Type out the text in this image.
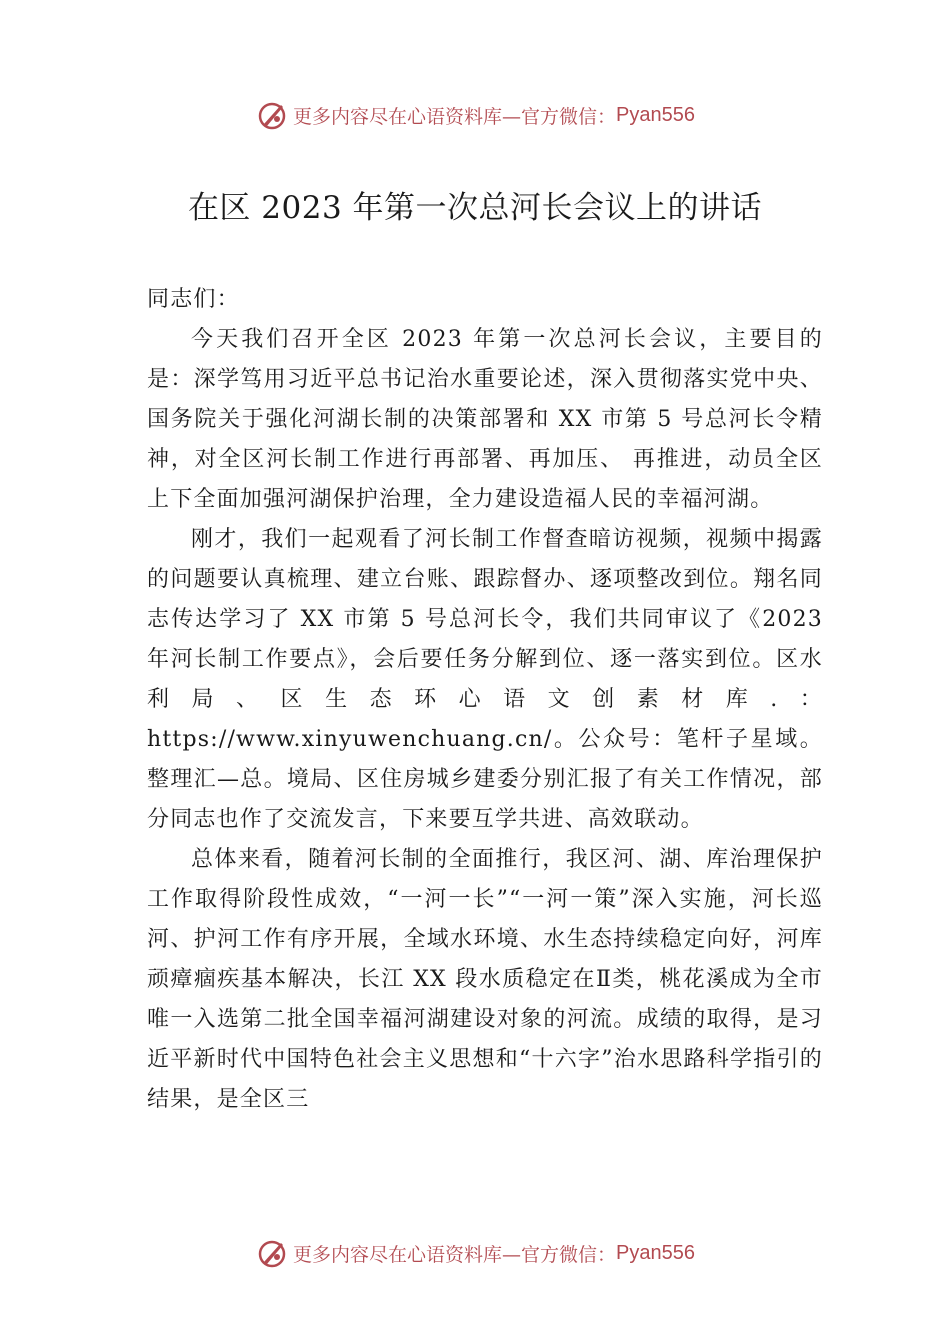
更多内容尽在心语资料库—官方微信： Pyan556
在区 2023 年第一次总河长会议上的讲话

同志们：

今天我们召开全区 2023 年第一次总河长会议，主要目的是：深学笃用习近平总书记治水重要论述，深入贯彻落实党中央、国务院关于强化河湖长制的决策部署和 XX 市第 5 号总河长令精神，对全区河长制工作进行再部署、再加压、 再推进，动员全区上下全面加强河湖保护治理，全力建设造福人民的幸福河湖。

刚才，我们一起观看了河长制工作督查暗访视频，视频中揭露的问题要认真梳理、建立台账、跟踪督办、逐项整改到位。翔名同志传达学习了 XX 市第 5 号总河长令，我们共同审议了《2023 年河长制工作要点》，会后要任务分解到位、逐一落实到位。区水利局、区生态环心语文创素材库.：https://www.xinyuwenchuang.cn/。公众号：笔杆子星域。整理汇—总。境局、区住房城乡建委分别汇报了有关工作情况，部分同志也作了交流发言，下来要互学共进、高效联动。

总体来看，随着河长制的全面推行，我区河、湖、库治理保护工作取得阶段性成效，“一河一长”“一河一策”深入实施，河长巡河、护河工作有序开展，全域水环境、水生态持续稳定向好，河库顽瘴痼疾基本解决，长江 XX 段水质稳定在Ⅱ类，桃花溪成为全市唯一入选第二批全国幸福河湖建设对象的河流。成绩的取得，是习近平新时代中国特色社会主义思想和“十六字”治水思路科学指引的结果，是全区三

更多内容尽在心语资料库—官方微信： Pyan556
